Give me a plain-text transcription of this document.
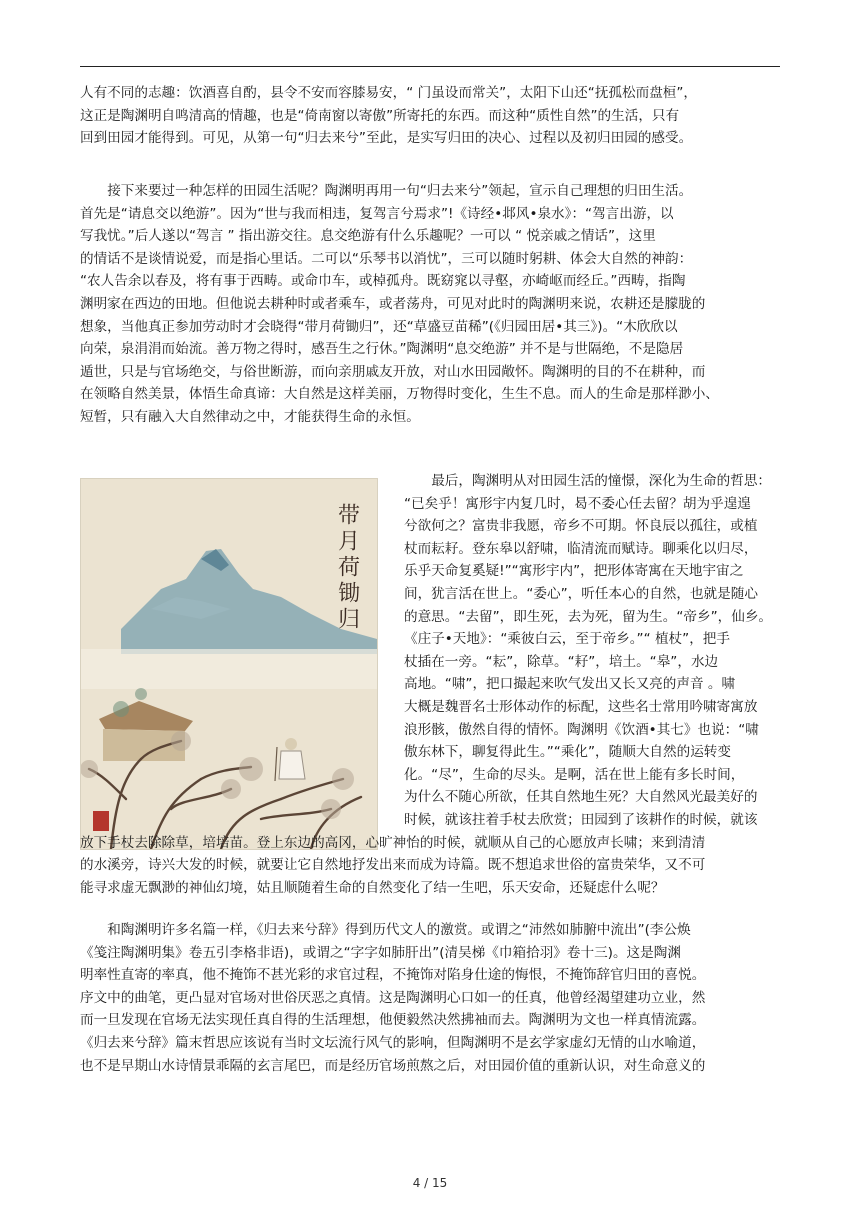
人有不同的志趣：饮酒喜自酌，县令不安而容膝易安，“ 门虽设而常关”，太阳下山还“抚孤松而盘桓”，
这正是陶渊明自鸣清高的情趣，也是“倚南窗以寄傲”所寄托的东西。而这种“质性自然”的生活，只有
回到田园才能得到。可见，从第一句“归去来兮”至此，是实写归田的决心、过程以及初归田园的感受。
接下来要过一种怎样的田园生活呢？陶渊明再用一句“归去来兮”领起，宣示自己理想的归田生活。
首先是“请息交以绝游”。因为“世与我而相违，复驾言兮焉求”!《诗经•邶风•泉水》：“驾言出游，以
写我忧。”后人遂以“驾言 ” 指出游交往。息交绝游有什么乐趣呢？一可以 “ 悦亲戚之情话”，这里
的情话不是谈情说爱，而是指心里话。二可以“乐琴书以消忧”，三可以随时躬耕、体会大自然的神韵：
“农人告余以春及，将有事于西畴。或命巾车，或棹孤舟。既窈窕以寻壑，亦崎岖而经丘。”西畴，指陶
渊明家在西边的田地。但他说去耕种时或者乘车，或者荡舟，可见对此时的陶渊明来说，农耕还是朦胧的
想象，当他真正参加劳动时才会晓得“带月荷锄归”，还“草盛豆苗稀”(《归园田居•其三》)。“木欣欣以
向荣，泉涓涓而始流。善万物之得时，感吾生之行休。”陶渊明“息交绝游” 并不是与世隔绝，不是隐居
遁世，只是与官场绝交，与俗世断游，而向亲朋戚友开放，对山水田园敞怀。陶渊明的目的不在耕种，而
在领略自然美景，体悟生命真谛：大自然是这样美丽，万物得时变化，生生不息。而人的生命是那样渺小、
短暂，只有融入大自然律动之中，才能获得生命的永恒。
带月荷锄归
最后，陶渊明从对田园生活的憧憬，深化为生命的哲思：
“已矣乎！寓形宇内复几时，曷不委心任去留？胡为乎遑遑
兮欲何之？富贵非我愿，帝乡不可期。怀良辰以孤往，或植
杖而耘耔。登东皋以舒啸，临清流而赋诗。聊乘化以归尽，
乐乎天命复奚疑!”“寓形宇内”，把形体寄寓在天地宇宙之
间，犹言活在世上。“委心”，听任本心的自然，也就是随心
的意思。“去留”，即生死，去为死，留为生。“帝乡”，仙乡。
《庄子•天地》：“乘彼白云，至于帝乡。”“ 植杖”，把手
杖插在一旁。“耘”，除草。“耔”，培土。“皋”，水边
高地。“啸”，把口撮起来吹气发出又长又亮的声音 。啸
大概是魏晋名士形体动作的标配，这些名士常用吟啸寄寓放
浪形骸，傲然自得的情怀。陶渊明《饮酒•其七》也说：“啸
傲东林下，聊复得此生。”“乘化”，随顺大自然的运转变
化。“尽”，生命的尽头。是啊，活在世上能有多长时间，
为什么不随心所欲，任其自然地生死？大自然风光最美好的
时候，就该拄着手杖去欣赏；田园到了该耕作的时候，就该
放下手杖去除除草，培培苗。登上东边的高冈，心旷神怡的时候，就顺从自己的心愿放声长啸；来到清清
的水溪旁，诗兴大发的时候，就要让它自然地抒发出来而成为诗篇。既不想追求世俗的富贵荣华，又不可
能寻求虚无飘渺的神仙幻境，姑且顺随着生命的自然变化了结一生吧，乐天安命，还疑虑什么呢？
和陶渊明许多名篇一样，《归去来兮辞》得到历代文人的激赏。或谓之“沛然如肺腑中流出”(李公焕
《笺注陶渊明集》卷五引李格非语)，或谓之“字字如肺肝出”(清吴梯《巾箱拾羽》卷十三)。这是陶渊
明率性直寄的率真，他不掩饰不甚光彩的求官过程，不掩饰对陷身仕途的悔恨，不掩饰辞官归田的喜悦。
序文中的曲笔，更凸显对官场对世俗厌恶之真情。这是陶渊明心口如一的任真，他曾经渴望建功立业，然
而一旦发现在官场无法实现任真自得的生活理想，他便毅然决然拂袖而去。陶渊明为文也一样真情流露。
《归去来兮辞》篇末哲思应该说有当时文坛流行风气的影响，但陶渊明不是玄学家虚幻无情的山水喻道，
也不是早期山水诗情景乖隔的玄言尾巴，而是经历官场煎熬之后，对田园价值的重新认识，对生命意义的
4 / 15
